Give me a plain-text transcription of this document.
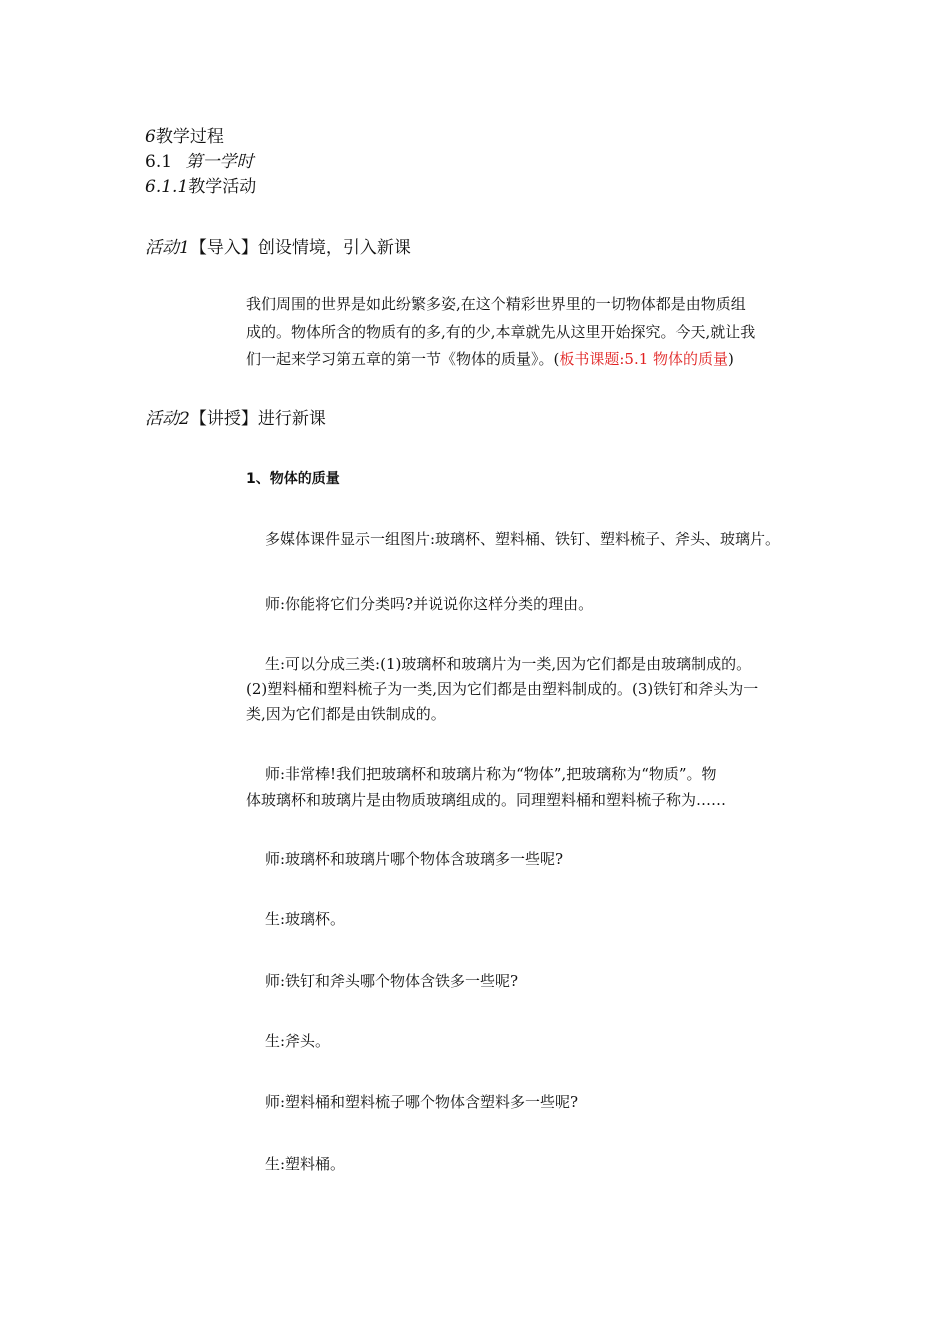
6教学过程
6.1 第一学时
6.1.1教学活动
活动1【导入】创设情境，引入新课
我们周围的世界是如此纷繁多姿,在这个精彩世界里的一切物体都是由物质组
成的。物体所含的物质有的多,有的少,本章就先从这里开始探究。今天,就让我
们一起来学习第五章的第一节《物体的质量》。(板书课题:5.1 物体的质量)
活动2【讲授】进行新课
1、物体的质量
多媒体课件显示一组图片:玻璃杯、塑料桶、铁钉、塑料梳子、斧头、玻璃片。
师:你能将它们分类吗?并说说你这样分类的理由。
生:可以分成三类:(1)玻璃杯和玻璃片为一类,因为它们都是由玻璃制成的。
(2)塑料桶和塑料梳子为一类,因为它们都是由塑料制成的。(3)铁钉和斧头为一
类,因为它们都是由铁制成的。
师:非常棒!我们把玻璃杯和玻璃片称为“物体”,把玻璃称为“物质”。物
体玻璃杯和玻璃片是由物质玻璃组成的。同理塑料桶和塑料梳子称为……
师:玻璃杯和玻璃片哪个物体含玻璃多一些呢?
生:玻璃杯。
师:铁钉和斧头哪个物体含铁多一些呢?
生:斧头。
师:塑料桶和塑料梳子哪个物体含塑料多一些呢?
生:塑料桶。
